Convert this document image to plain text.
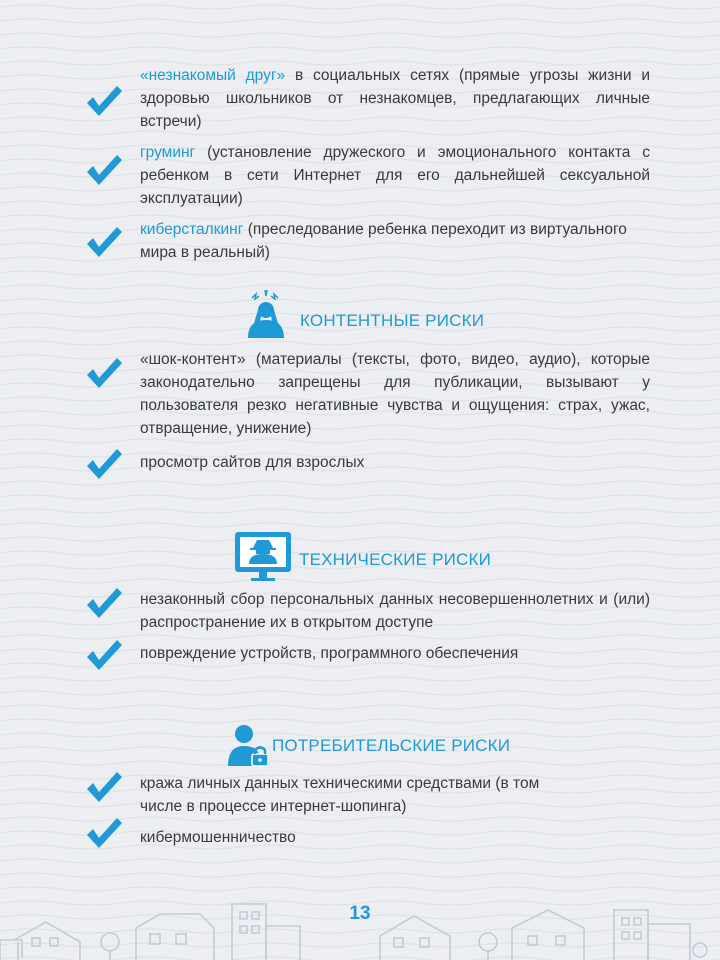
«незнакомый друг» в социальных сетях (прямые угрозы жизни и здоровью школьников от незнакомцев, предлагающих личные встречи)
груминг (установление дружеского и эмоционального контакта с ребенком в сети Интернет для его дальнейшей сексуальной эксплуатации)
киберсталкинг (преследование ребенка переходит из виртуального мира в реальный)
КОНТЕНТНЫЕ РИСКИ
«шок-контент» (материалы (тексты, фото, видео, аудио), которые законодательно запрещены для публикации, вызывают у пользователя резко негативные чувства и ощущения: страх, ужас, отвращение, унижение)
просмотр сайтов для взрослых
ТЕХНИЧЕСКИЕ РИСКИ
незаконный сбор персональных данных несовершеннолетних и (или) распространение их в открытом доступе
повреждение устройств, программного обеспечения
ПОТРЕБИТЕЛЬСКИЕ РИСКИ
кража личных данных техническими средствами (в том числе в процессе интернет-шопинга)
кибермошенничество
13
